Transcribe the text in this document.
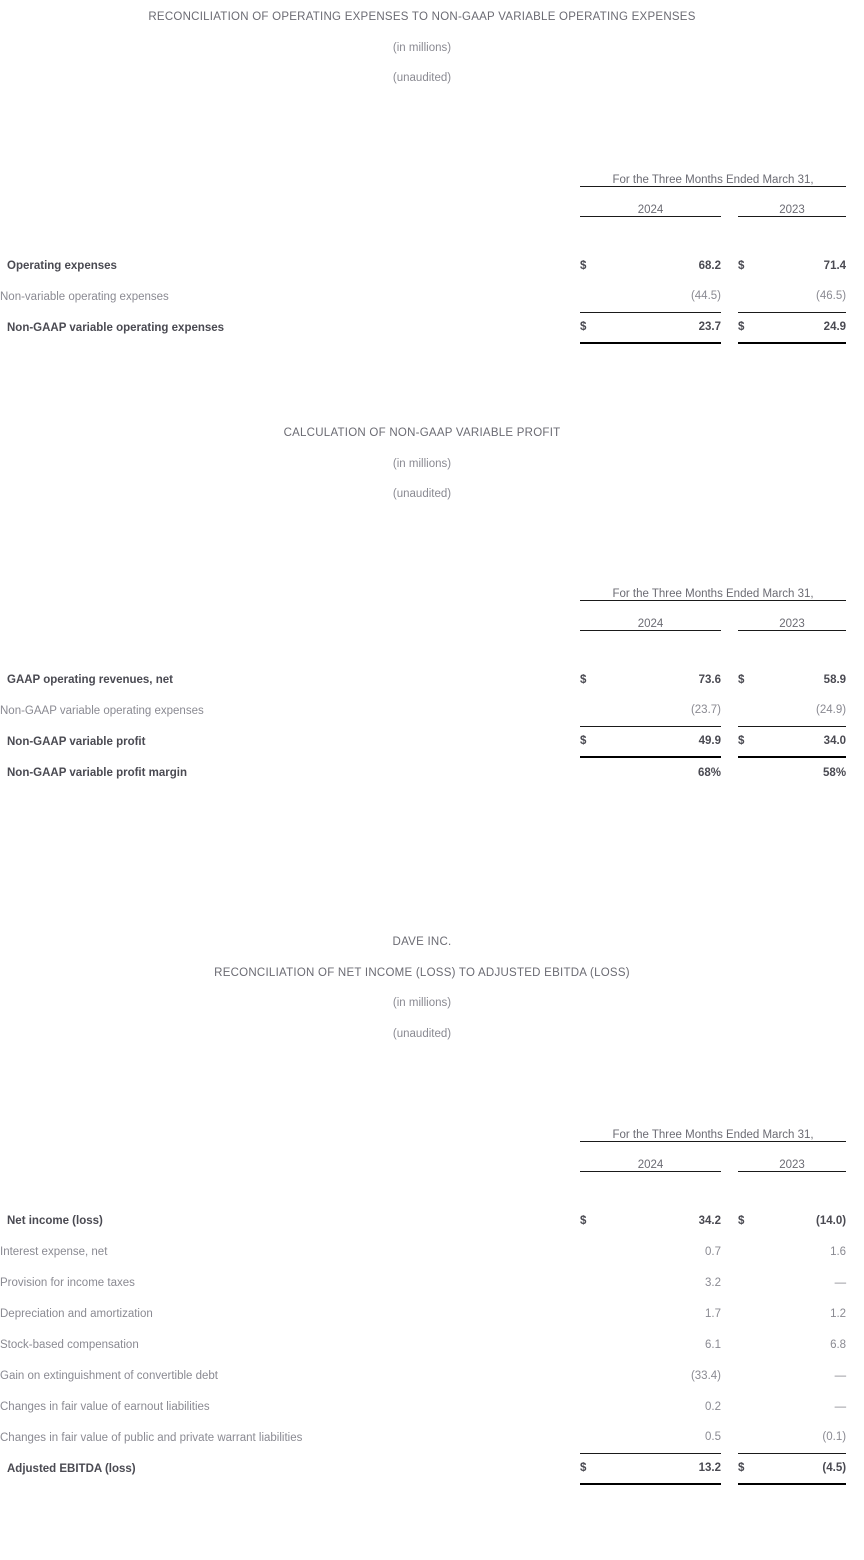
RECONCILIATION OF OPERATING EXPENSES TO NON-GAAP VARIABLE OPERATING EXPENSES
(in millions)
(unaudited)
	For the Three Months Ended March 31,				
	2024			2023	

Operating expenses	$	68.2		$	71.4
Non-variable operating expenses		(44.5)			(46.5)
Non-GAAP variable operating expenses	$	23.7		$	24.9
CALCULATION OF NON-GAAP VARIABLE PROFIT
(in millions)
(unaudited)
	For the Three Months Ended March 31,				
	2024			2023	

GAAP operating revenues, net	$	73.6		$	58.9
Non-GAAP variable operating expenses		(23.7)			(24.9)
Non-GAAP variable profit	$	49.9		$	34.0
Non-GAAP variable profit margin		68%			58%
DAVE INC.
RECONCILIATION OF NET INCOME (LOSS) TO ADJUSTED EBITDA (LOSS)
(in millions)
(unaudited)
	For the Three Months Ended March 31,				
	2024			2023	

Net income (loss)	$	34.2		$	(14.0)
Interest expense, net		0.7			1.6
Provision for income taxes		3.2			—
Depreciation and amortization		1.7			1.2
Stock-based compensation		6.1			6.8
Gain on extinguishment of convertible debt		(33.4)			—
Changes in fair value of earnout liabilities		0.2			—
Changes in fair value of public and private warrant liabilities		0.5			(0.1)
Adjusted EBITDA (loss)	$	13.2		$	(4.5)
